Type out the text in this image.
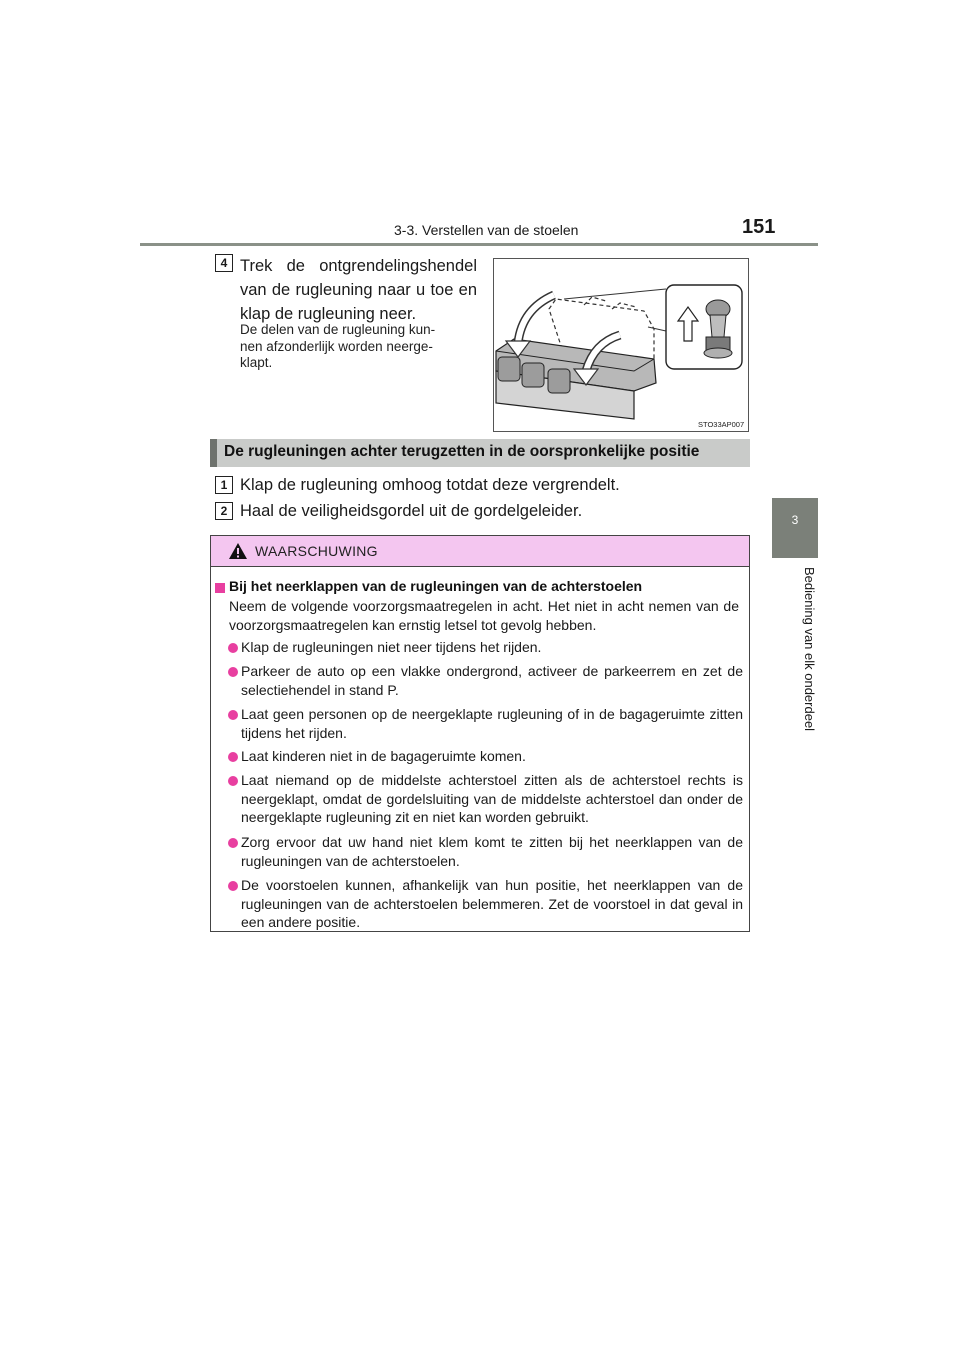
3-3. Verstellen van de stoelen	151
3
Bediening van elk onderdeel
4 Trek de ontgrendelingshendel van de rugleuning naar u toe en klap de rugleuning neer.
De delen van de rugleuning kun-
nen afzonderlijk worden neerge-
klapt.
STO33AP007
De rugleuningen achter terugzetten in de oorspronkelijke positie
1 Klap de rugleuning omhoog totdat deze vergrendelt.
2 Haal de veiligheidsgordel uit de gordelgeleider.
WAARSCHUWING
Bij het neerklappen van de rugleuningen van de achterstoelen
Neem de volgende voorzorgsmaatregelen in acht. Het niet in acht nemen van de voorzorgsmaatregelen kan ernstig letsel tot gevolg hebben.
Klap de rugleuningen niet neer tijdens het rijden.
Parkeer de auto op een vlakke ondergrond, activeer de parkeerrem en zet de selectiehendel in stand P.
Laat geen personen op de neergeklapte rugleuning of in de bagageruimte zitten tijdens het rijden.
Laat kinderen niet in de bagageruimte komen.
Laat niemand op de middelste achterstoel zitten als de achterstoel rechts is neergeklapt, omdat de gordelsluiting van de middelste achterstoel dan onder de neergeklapte rugleuning zit en niet kan worden gebruikt.
Zorg ervoor dat uw hand niet klem komt te zitten bij het neerklappen van de rugleuningen van de achterstoelen.
De voorstoelen kunnen, afhankelijk van hun positie, het neerklappen van de rugleuningen van de achterstoelen belemmeren. Zet de voorstoel in dat geval in een andere positie.
